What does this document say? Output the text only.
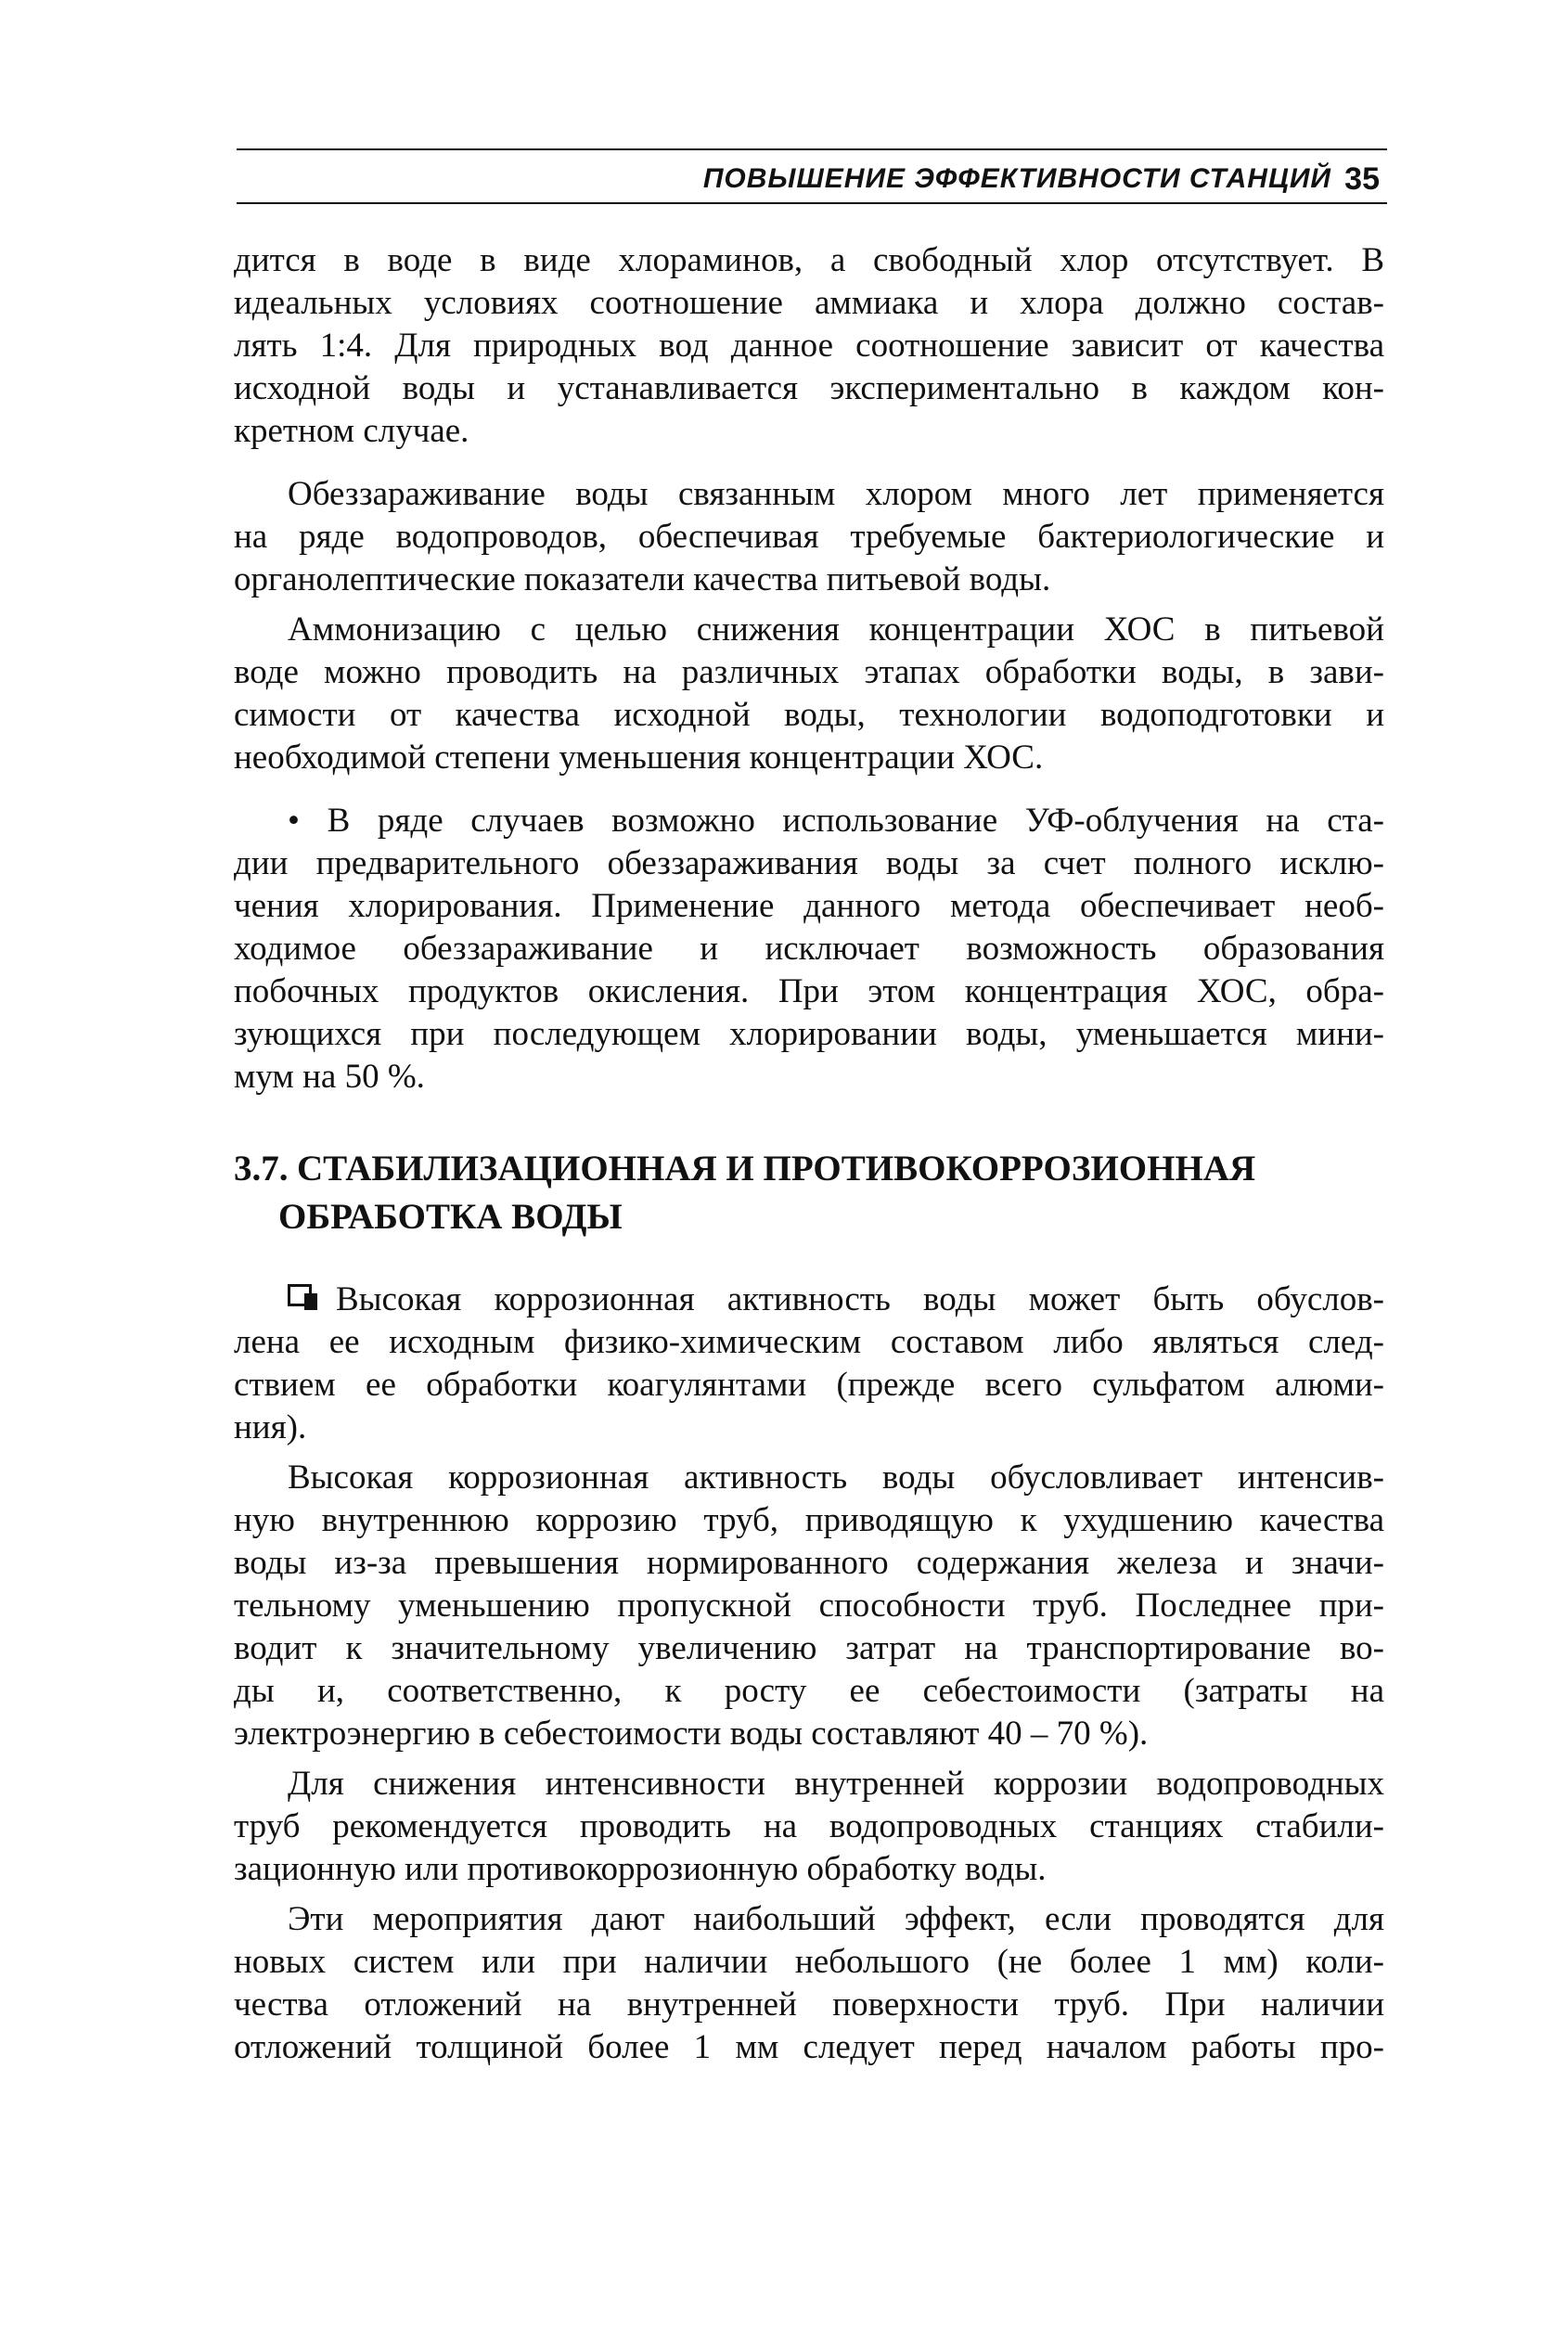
ПОВЫШЕНИЕ ЭФФЕКТИВНОСТИ СТАНЦИЙ 35
дится в воде в виде хлораминов, а свободный хлор отсутствует. В
идеальных условиях соотношение аммиака и хлора должно состав-
лять 1:4. Для природных вод данное соотношение зависит от качества
исходной воды и устанавливается экспериментально в каждом кон-
кретном случае.
Обеззараживание воды связанным хлором много лет применяется
на ряде водопроводов, обеспечивая требуемые бактериологические и
органолептические показатели качества питьевой воды.
Аммонизацию с целью снижения концентрации ХОС в питьевой
воде можно проводить на различных этапах обработки воды, в зави-
симости от качества исходной воды, технологии водоподготовки и
необходимой степени уменьшения концентрации ХОС.
• В ряде случаев возможно использование УФ-облучения на ста-
дии предварительного обеззараживания воды за счет полного исклю-
чения хлорирования. Применение данного метода обеспечивает необ-
ходимое обеззараживание и исключает возможность образования
побочных продуктов окисления. При этом концентрация ХОС, обра-
зующихся при последующем хлорировании воды, уменьшается мини-
мум на 50 %.
3.7. СТАБИЛИЗАЦИОННАЯ И ПРОТИВОКОРРОЗИОННАЯ
ОБРАБОТКА ВОДЫ
Высокая коррозионная активность воды может быть обуслов-
лена ее исходным физико-химическим составом либо являться след-
ствием ее обработки коагулянтами (прежде всего сульфатом алюми-
ния).
Высокая коррозионная активность воды обусловливает интенсив-
ную внутреннюю коррозию труб, приводящую к ухудшению качества
воды из-за превышения нормированного содержания железа и значи-
тельному уменьшению пропускной способности труб. Последнее при-
водит к значительному увеличению затрат на транспортирование во-
ды и, соответственно, к росту ее себестоимости (затраты на
электроэнергию в себестоимости воды составляют 40 – 70 %).
Для снижения интенсивности внутренней коррозии водопроводных
труб рекомендуется проводить на водопроводных станциях стабили-
зационную или противокоррозионную обработку воды.
Эти мероприятия дают наибольший эффект, если проводятся для
новых систем или при наличии небольшого (не более 1 мм) коли-
чества отложений на внутренней поверхности труб. При наличии
отложений толщиной более 1 мм следует перед началом работы про-
